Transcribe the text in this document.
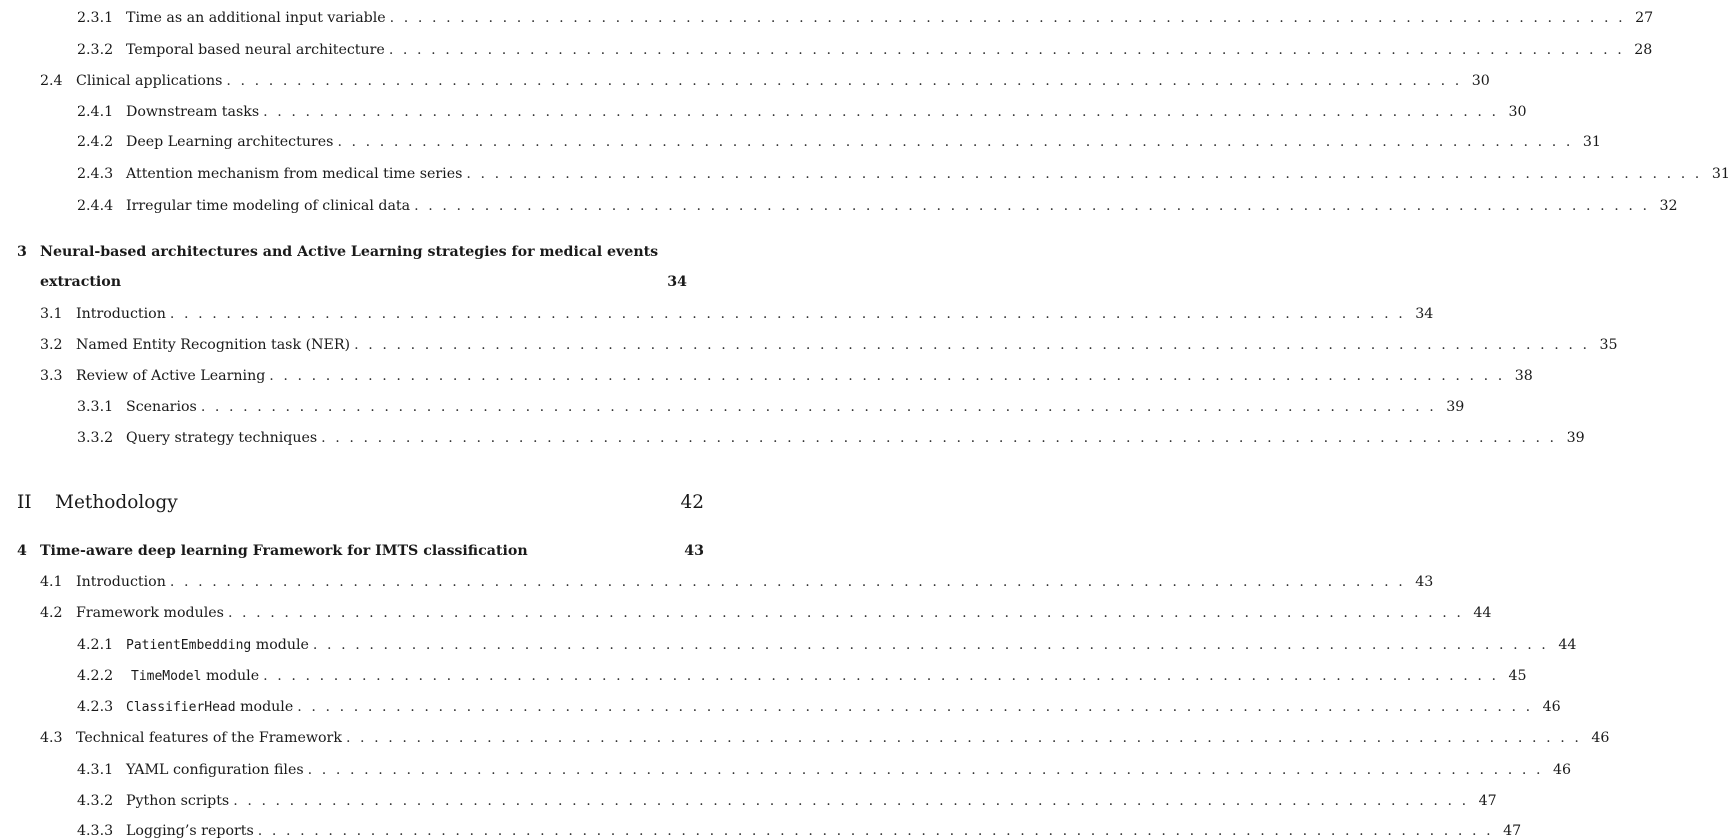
2.3.1 Time as an additional input variable . . .	27
2.3.2 Temporal based neural architecture . . .	28
2.4 Clinical applications . . .	30
2.4.1 Downstream tasks . . .	30
2.4.2 Deep Learning architectures . . .	31
2.4.3 Attention mechanism from medical time series . . .	31
2.4.4 Irregular time modeling of clinical data . . .	32
3 Neural-based architectures and Active Learning strategies for medical events
extraction	34
3.1 Introduction . . .	34
3.2 Named Entity Recognition task (NER) . . .	35
3.3 Review of Active Learning . . .	38
3.3.1 Scenarios . . .	39
3.3.2 Query strategy techniques . . .	39
II	Methodology	42
4 Time-aware deep learning Framework for IMTS classification	43
4.1 Introduction . . .	43
4.2 Framework modules . . .	44
4.2.1 PatientEmbedding module . . .	44
4.2.2	TimeModel module . . .	45
4.2.3 ClassifierHead module . . .	46
4.3 Technical features of the Framework . . .	46
4.3.1 YAML configuration files . . .	46
4.3.2 Python scripts . . .	47
4.3.3 Logging’s reports . . .	47
